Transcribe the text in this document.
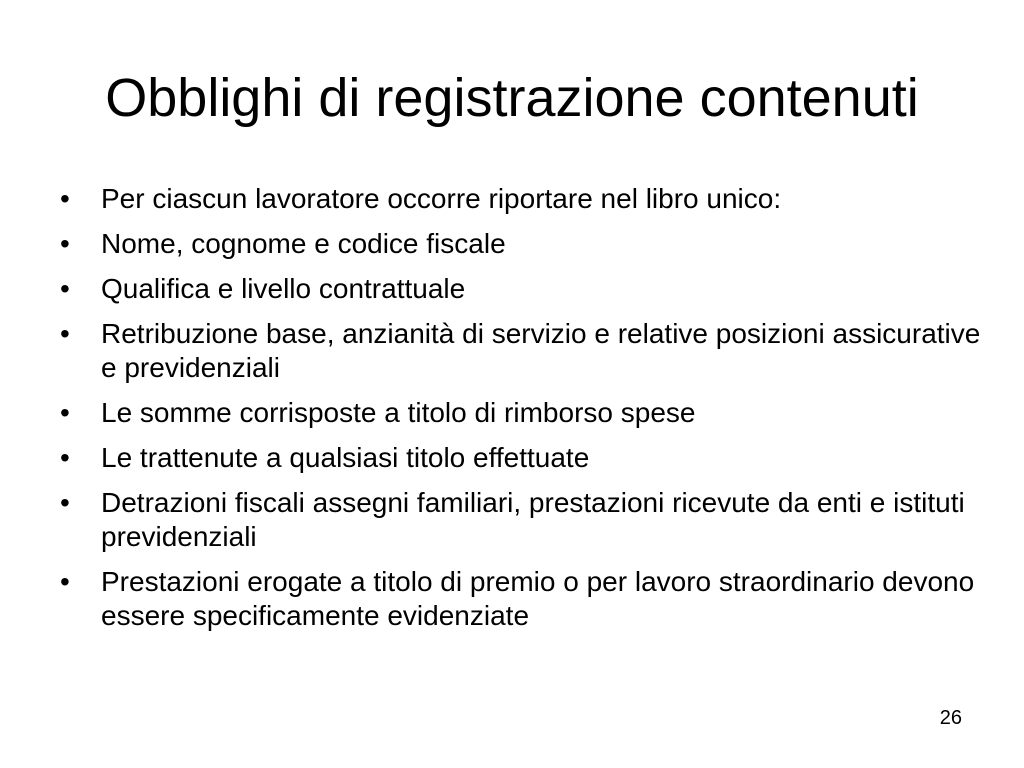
Obblighi di registrazione contenuti
•	Per ciascun lavoratore occorre riportare nel libro unico:
•	Nome, cognome e codice fiscale
•	Qualifica e livello contrattuale
•	Retribuzione base, anzianità di servizio e relative posizioni assicurative e previdenziali
•	Le somme corrisposte a titolo di rimborso spese
•	Le trattenute a qualsiasi titolo effettuate
•	Detrazioni fiscali assegni familiari, prestazioni ricevute da enti e istituti previdenziali
•	Prestazioni erogate a titolo di premio o per lavoro straordinario devono essere specificamente evidenziate
26
